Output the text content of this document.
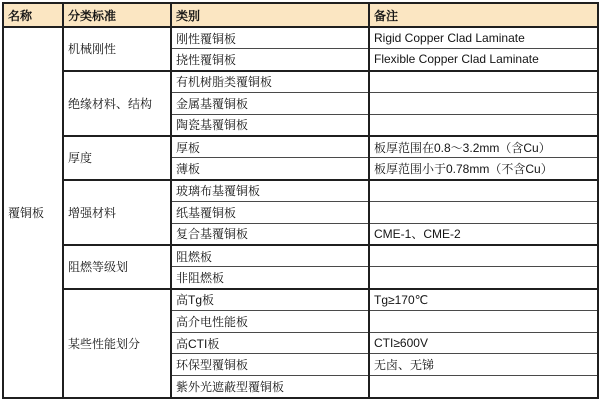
名称	分类标准	类别	备注
覆铜板	机械刚性	刚性覆铜板	Rigid Copper Clad Laminate
		挠性覆铜板	Flexible Copper Clad Laminate
	绝缘材料、结构	有机树脂类覆铜板	
		金属基覆铜板	
		陶瓷基覆铜板	
	厚度	厚板	板厚范围在0.8～3.2mm（含Cu）
		薄板	板厚范围小于0.78mm（不含Cu）
	增强材料	玻璃布基覆铜板	
		纸基覆铜板	
		复合基覆铜板	CME-1、CME-2
	阻燃等级划	阻燃板	
		非阻燃板	
	某些性能划分	高Tg板	Tg≥170℃
		高介电性能板	
		高CTI板	CTI≥600V
		环保型覆铜板	无卤、无锑
		紫外光遮蔽型覆铜板	
